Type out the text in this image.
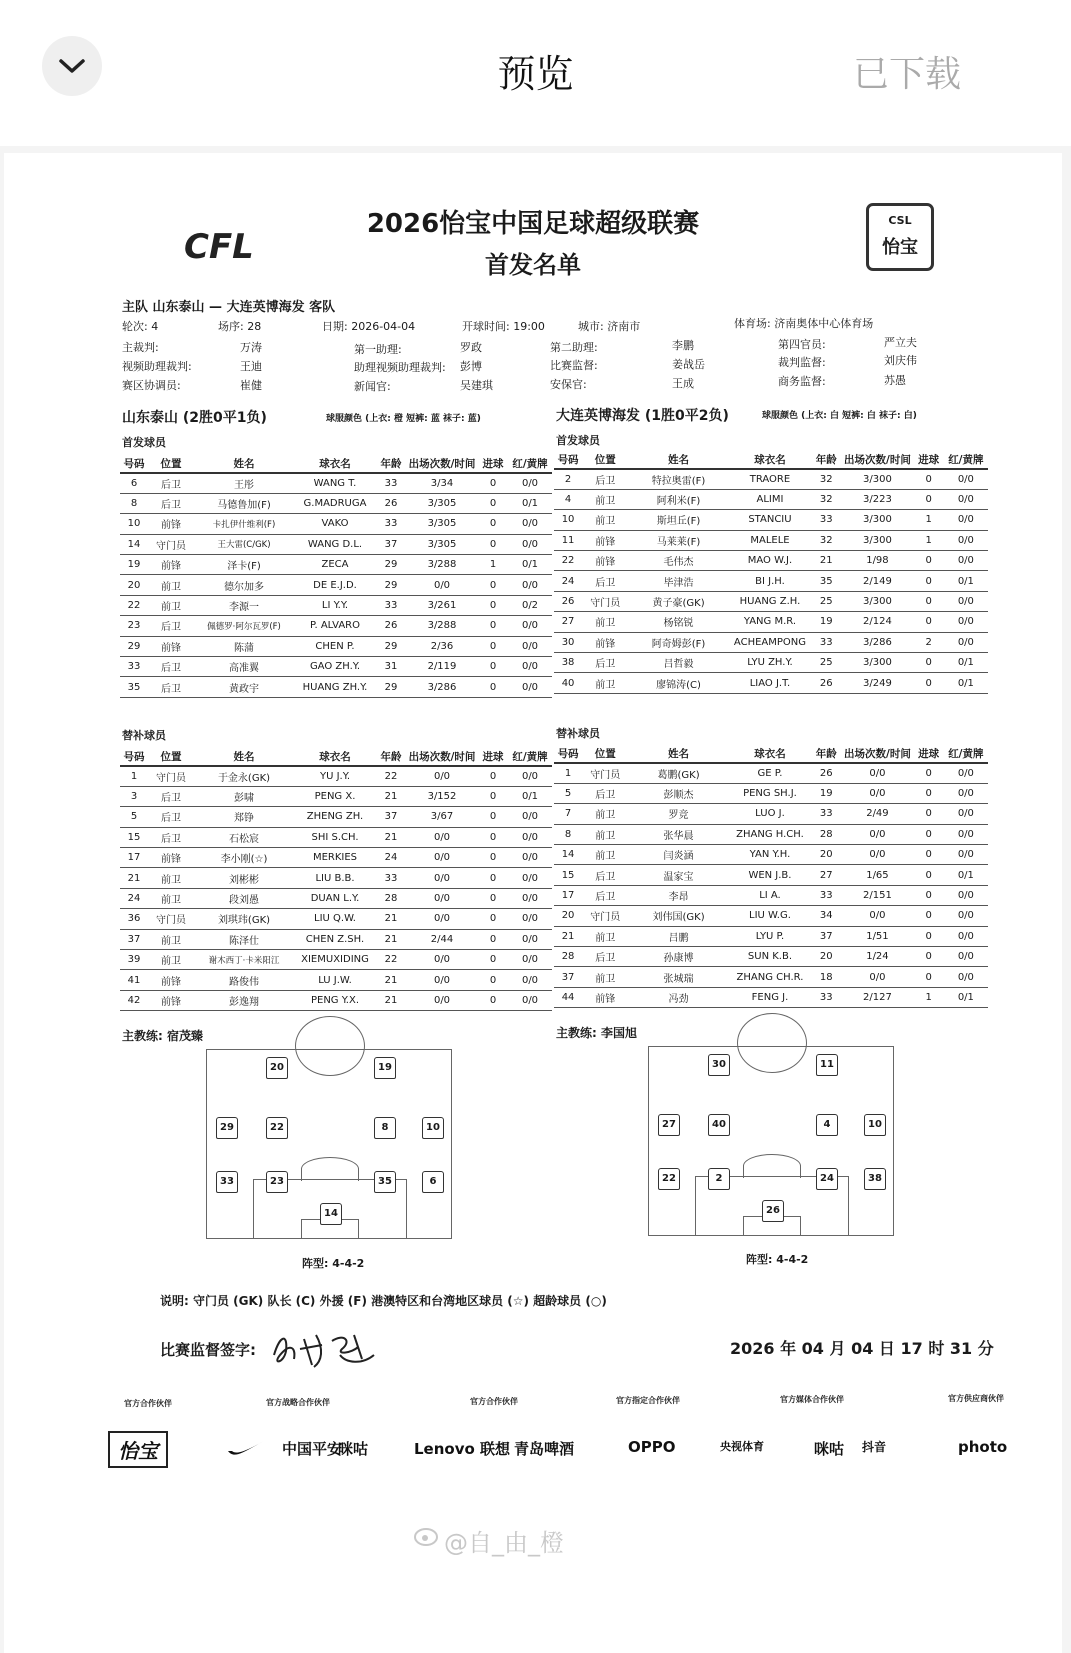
预览	已下载
CFL
CSL
怡宝
2026怡宝中国足球超级联赛
首发名单
主队 山东泰山 — 大连英博海发 客队
轮次: 4	场序: 28	日期: 2026-04-04	开球时间: 19:00	城市: 济南市	体育场: 济南奥体中心体育场
主裁判:	万涛	第一助理:	罗政	第二助理:	李鹏	第四官员:	严立夫
视频助理裁判:	王迪	助理视频助理裁判: 彭博	比赛监督:	姜战岳	裁判监督:	刘庆伟
赛区协调员:	崔健	新闻官:	吴建琪	安保官:	王成	商务监督:	苏愚
山东泰山 (2胜0平1负)	球服颜色 (上衣: 橙 短裤: 蓝 袜子: 蓝)	大连英博海发 (1胜0平2负)	球服颜色 (上衣: 白 短裤: 白 袜子: 白)
首发球员	首发球员
号码	位置	姓名	球衣名	年龄	出场次数/时间	进球	红/黄牌
6	后卫	王彤	WANG T.	33	3/34	0	0/0
8	后卫	马德鲁加(F)	G.MADRUGA	26	3/305	0	0/1
10	前锋	卡扎伊什维利(F)	VAKO	33	3/305	0	0/0
14	守门员	王大雷(C/GK)	WANG D.L.	37	3/305	0	0/0
19	前锋	泽卡(F)	ZECA	29	3/288	1	0/1
20	前卫	德尔加多	DE E.J.D.	29	0/0	0	0/0
22	前卫	李源一	LI Y.Y.	33	3/261	0	0/2
23	后卫	佩德罗·阿尔瓦罗(F)	P. ALVARO	26	3/288	0	0/0
29	前锋	陈蒲	CHEN P.	29	2/36	0	0/0
33	后卫	高准翼	GAO ZH.Y.	31	2/119	0	0/0
35	后卫	黄政宇	HUANG ZH.Y.	29	3/286	0	0/0
号码	位置	姓名	球衣名	年龄	出场次数/时间	进球	红/黄牌
2	后卫	特拉奥雷(F)	TRAORE	32	3/300	0	0/0
4	前卫	阿利米(F)	ALIMI	32	3/223	0	0/0
10	前卫	斯坦丘(F)	STANCIU	33	3/300	1	0/0
11	前锋	马莱莱(F)	MALELE	32	3/300	1	0/0
22	前锋	毛伟杰	MAO W.J.	21	1/98	0	0/0
24	后卫	毕津浩	BI J.H.	35	2/149	0	0/1
26	守门员	黄子豪(GK)	HUANG Z.H.	25	3/300	0	0/0
27	前卫	杨铭锐	YANG M.R.	19	2/124	0	0/0
30	前锋	阿奇姆彭(F)	ACHEAMPONG	33	3/286	2	0/0
38	后卫	吕哲毅	LYU ZH.Y.	25	3/300	0	0/1
40	前卫	廖锦涛(C)	LIAO J.T.	26	3/249	0	0/1
替补球员	替补球员
号码	位置	姓名	球衣名	年龄	出场次数/时间	进球	红/黄牌
1	守门员	于金永(GK)	YU J.Y.	22	0/0	0	0/0
3	后卫	彭啸	PENG X.	21	3/152	0	0/1
5	后卫	郑铮	ZHENG ZH.	37	3/67	0	0/0
15	后卫	石松宸	SHI S.CH.	21	0/0	0	0/0
17	前锋	李小刚(☆)	MERKIES	24	0/0	0	0/0
21	前卫	刘彬彬	LIU B.B.	33	0/0	0	0/0
24	前卫	段刘愚	DUAN L.Y.	28	0/0	0	0/0
36	守门员	刘琪玮(GK)	LIU Q.W.	21	0/0	0	0/0
37	前卫	陈泽仕	CHEN Z.SH.	21	2/44	0	0/0
39	前卫	谢木西丁·卡米阳江	XIEMUXIDING	22	0/0	0	0/0
41	前锋	路俊伟	LU J.W.	21	0/0	0	0/0
42	前锋	彭逸翔	PENG Y.X.	21	0/0	0	0/0
号码	位置	姓名	球衣名	年龄	出场次数/时间	进球	红/黄牌
1	守门员	葛鹏(GK)	GE P.	26	0/0	0	0/0
5	后卫	彭顺杰	PENG SH.J.	19	0/0	0	0/0
7	前卫	罗竞	LUO J.	33	2/49	0	0/0
8	前卫	张华晨	ZHANG H.CH.	28	0/0	0	0/0
14	前卫	闫炎涵	YAN Y.H.	20	0/0	0	0/0
15	后卫	温家宝	WEN J.B.	27	1/65	0	0/1
17	后卫	李昂	LI A.	33	2/151	0	0/0
20	守门员	刘伟国(GK)	LIU W.G.	34	0/0	0	0/0
21	前卫	吕鹏	LYU P.	37	1/51	0	0/0
28	后卫	孙康博	SUN K.B.	20	1/24	0	0/0
37	前卫	张城瑞	ZHANG CH.R.	18	0/0	0	0/0
44	前锋	冯劲	FENG J.	33	2/127	1	0/1
主教练: 宿茂臻	主教练: 李国旭
20	19
29	22	8	10
33	23	35	6
14
30	11
27	40	4	10
22	2	24	38
26
阵型: 4-4-2	阵型: 4-4-2
说明: 守门员 (GK) 队长 (C) 外援 (F) 港澳特区和台湾地区球员 (☆) 超龄球员 (○)
比赛监督签字:	2026 年 04 月 04 日 17 时 31 分
官方合作伙伴	官方战略合作伙伴	官方合作伙伴	官方指定合作伙伴	官方媒体合作伙伴	官方供应商伙伴
怡宝	中国平安
咪咕	Lenovo 联想 青岛啤酒	OPPO	央视体育	咪咕 抖音	photo
@自_由_橙
